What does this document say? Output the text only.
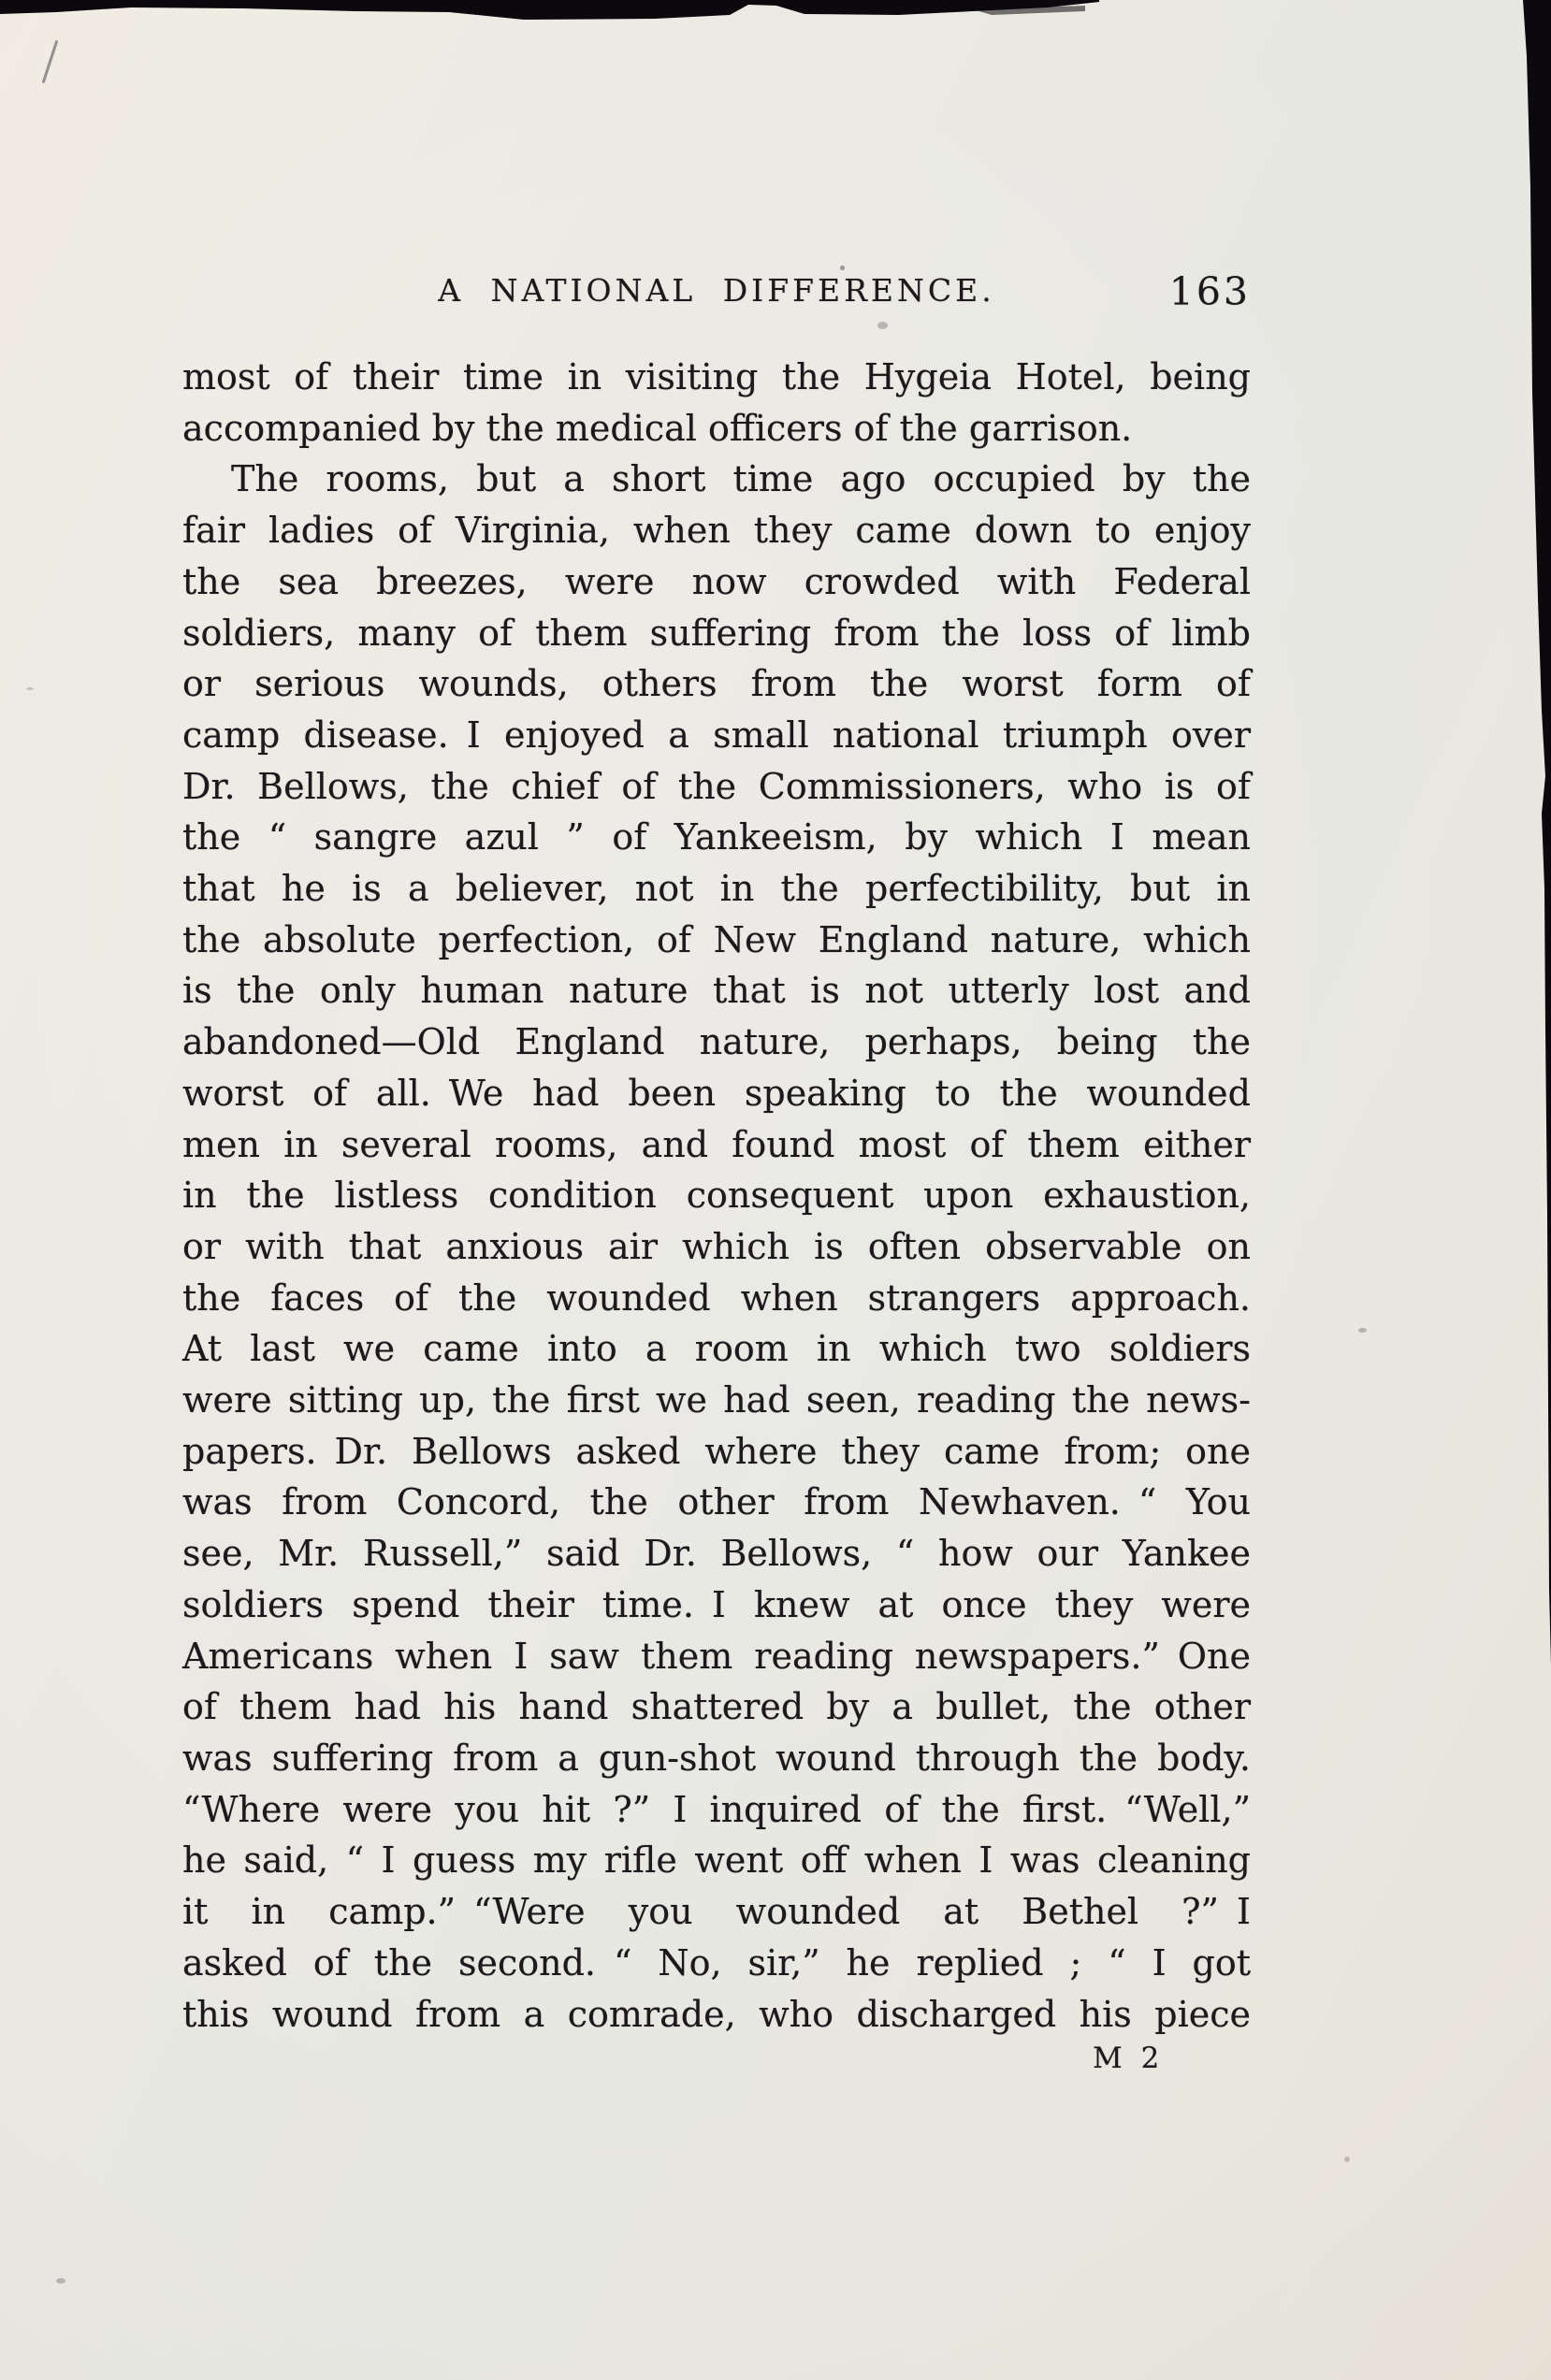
A NATIONAL DIFFERENCE.	163
most of their time in visiting the Hygeia Hotel, being
accompanied by the medical officers of the garrison.
The rooms, but a short time ago occupied by the
fair ladies of Virginia, when they came down to enjoy
the sea breezes, were now crowded with Federal
soldiers, many of them suffering from the loss of limb
or serious wounds, others from the worst form of
camp disease. I enjoyed a small national triumph over
Dr. Bellows, the chief of the Commissioners, who is of
the “ sangre azul ” of Yankeeism, by which I mean
that he is a believer, not in the perfectibility, but in
the absolute perfection, of New England nature, which
is the only human nature that is not utterly lost and
abandoned—Old England nature, perhaps, being the
worst of all. We had been speaking to the wounded
men in several rooms, and found most of them either
in the listless condition consequent upon exhaustion,
or with that anxious air which is often observable on
the faces of the wounded when strangers approach.
At last we came into a room in which two soldiers
were sitting up, the first we had seen, reading the news-
papers. Dr. Bellows asked where they came from; one
was from Concord, the other from Newhaven. “ You
see, Mr. Russell,” said Dr. Bellows, “ how our Yankee
soldiers spend their time. I knew at once they were
Americans when I saw them reading newspapers.” One
of them had his hand shattered by a bullet, the other
was suffering from a gun-shot wound through the body.
“Where were you hit ?” I inquired of the first. “Well,”
he said, “ I guess my rifle went off when I was cleaning
it in camp.” “Were you wounded at Bethel ?” I
asked of the second. “ No, sir,” he replied ; “ I got
this wound from a comrade, who discharged his piece
M 2
